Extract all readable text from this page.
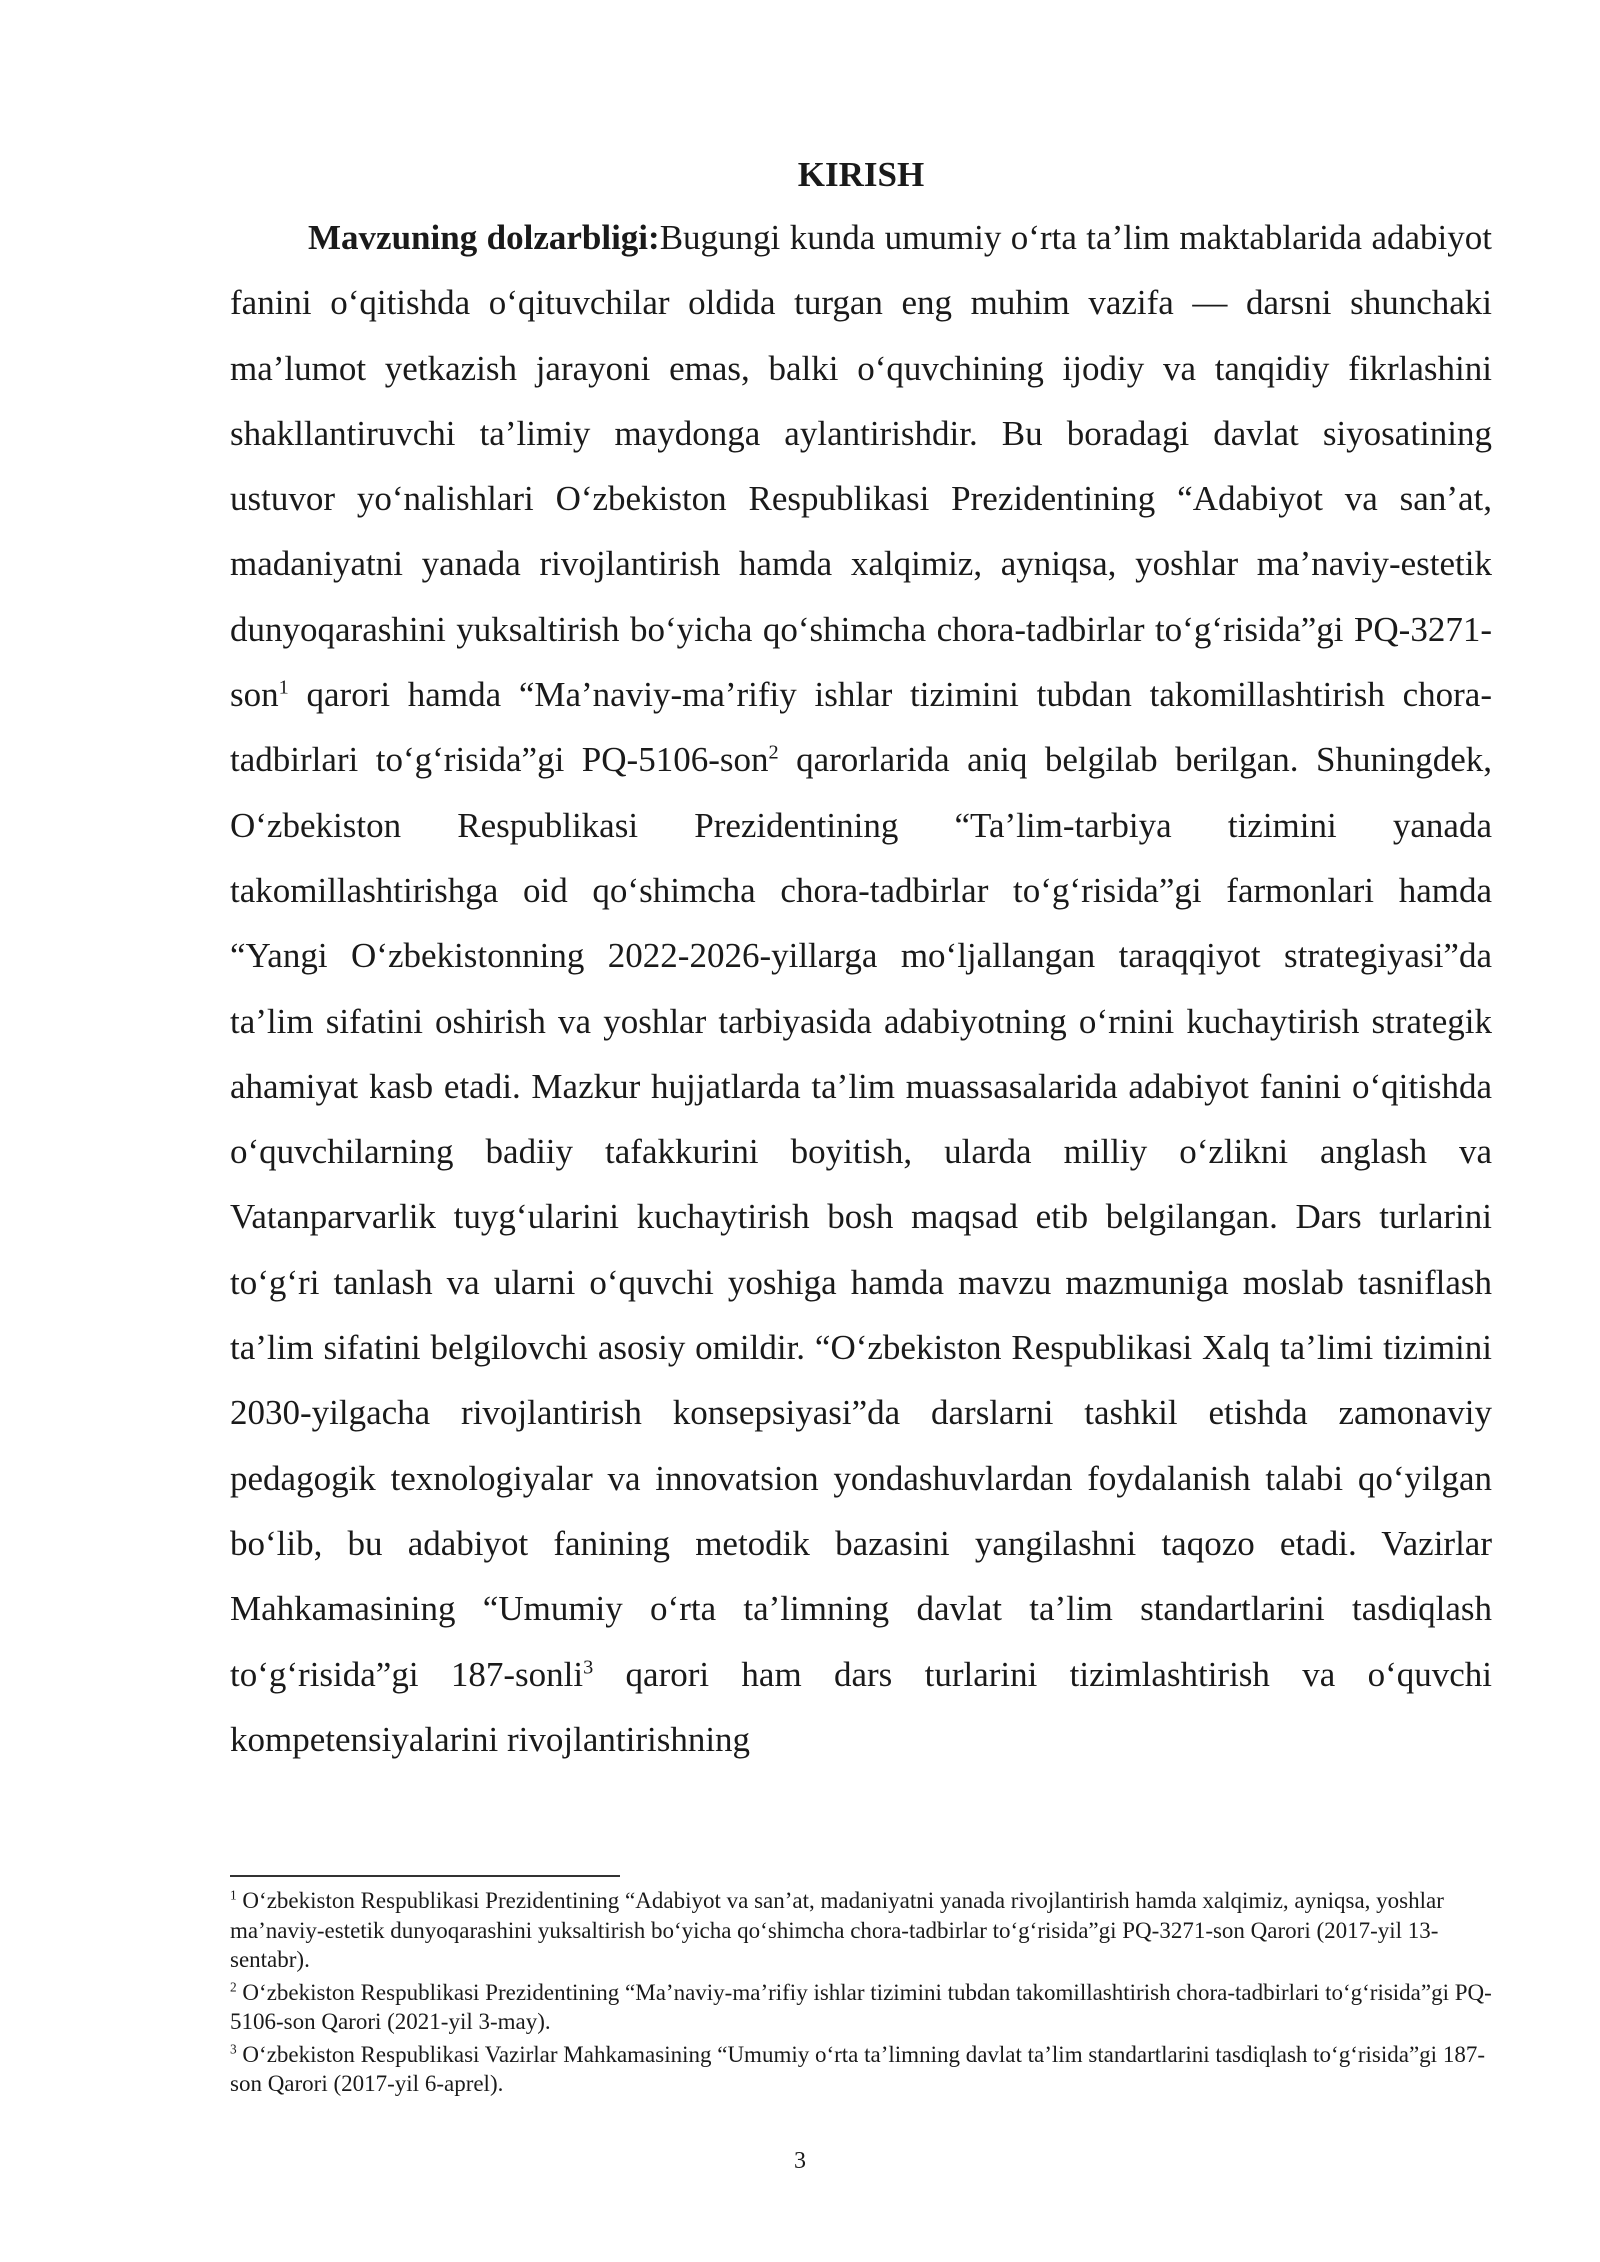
KIRISH

Mavzuning dolzarbligi:Bugungi kunda umumiy o‘rta ta’lim maktablarida adabiyot fanini o‘qitishda o‘qituvchilar oldida turgan eng muhim vazifa — darsni shunchaki ma’lumot yetkazish jarayoni emas, balki o‘quvchining ijodiy va tanqidiy fikrlashini shakllantiruvchi ta’limiy maydonga aylantirishdir. Bu boradagi davlat siyosatining ustuvor yo‘nalishlari O‘zbekiston Respublikasi Prezidentining “Adabiyot va san’at, madaniyatni yanada rivojlantirish hamda xalqimiz, ayniqsa, yoshlar ma’naviy-estetik dunyoqarashini yuksaltirish bo‘yicha qo‘shimcha chora-tadbirlar to‘g‘risida”gi PQ-3271-son$^1$ qarori hamda “Ma’naviy-ma’rifiy ishlar tizimini tubdan takomillashtirish chora-tadbirlari to‘g‘risida”gi PQ-5106-son$^2$ qarorlarida aniq belgilab berilgan. Shuningdek, O‘zbekiston Respublikasi Prezidentining “Ta’lim-tarbiya tizimini yanada takomillashtirishga oid qo‘shimcha chora-tadbirlar to‘g‘risida”gi farmonlari hamda “Yangi O‘zbekistonning 2022-2026-yillarga mo‘ljallangan taraqqiyot strategiyasi”da ta’lim sifatini oshirish va yoshlar tarbiyasida adabiyotning o‘rnini kuchaytirish strategik ahamiyat kasb etadi. Mazkur hujjatlarda ta’lim muassasalarida adabiyot fanini o‘qitishda o‘quvchilarning badiiy tafakkurini boyitish, ularda milliy o‘zlikni anglash va Vatanparvarlik tuyg‘ularini kuchaytirish bosh maqsad etib belgilangan. Dars turlarini to‘g‘ri tanlash va ularni o‘quvchi yoshiga hamda mavzu mazmuniga moslab tasniflash ta’lim sifatini belgilovchi asosiy omildir. “O‘zbekiston Respublikasi Xalq ta’limi tizimini 2030-yilgacha rivojlantirish konsepsiyasi”da darslarni tashkil etishda zamonaviy pedagogik texnologiyalar va innovatsion yondashuvlardan foydalanish talabi qo‘yilgan bo‘lib, bu adabiyot fanining metodik bazasini yangilashni taqozo etadi. Vazirlar Mahkamasining “Umumiy o‘rta ta’limning davlat ta’lim standartlarini tasdiqlash to‘g‘risida”gi 187-sonli$^3$ qarori ham dars turlarini tizimlashtirish va o‘quvchi kompetensiyalarini rivojlantirishning

$^1$ O‘zbekiston Respublikasi Prezidentining “Adabiyot va san’at, madaniyatni yanada rivojlantirish hamda xalqimiz, ayniqsa, yoshlar ma’naviy-estetik dunyoqarashini yuksaltirish bo‘yicha qo‘shimcha chora-tadbirlar to‘g‘risida”gi PQ-3271-son Qarori (2017-yil 13-sentabr).

$^2$ O‘zbekiston Respublikasi Prezidentining “Ma’naviy-ma’rifiy ishlar tizimini tubdan takomillashtirish chora-tadbirlari to‘g‘risida”gi PQ-5106-son Qarori (2021-yil 3-may).

$^3$ O‘zbekiston Respublikasi Vazirlar Mahkamasining “Umumiy o‘rta ta’limning davlat ta’lim standartlarini tasdiqlash to‘g‘risida”gi 187-son Qarori (2017-yil 6-aprel).

3
